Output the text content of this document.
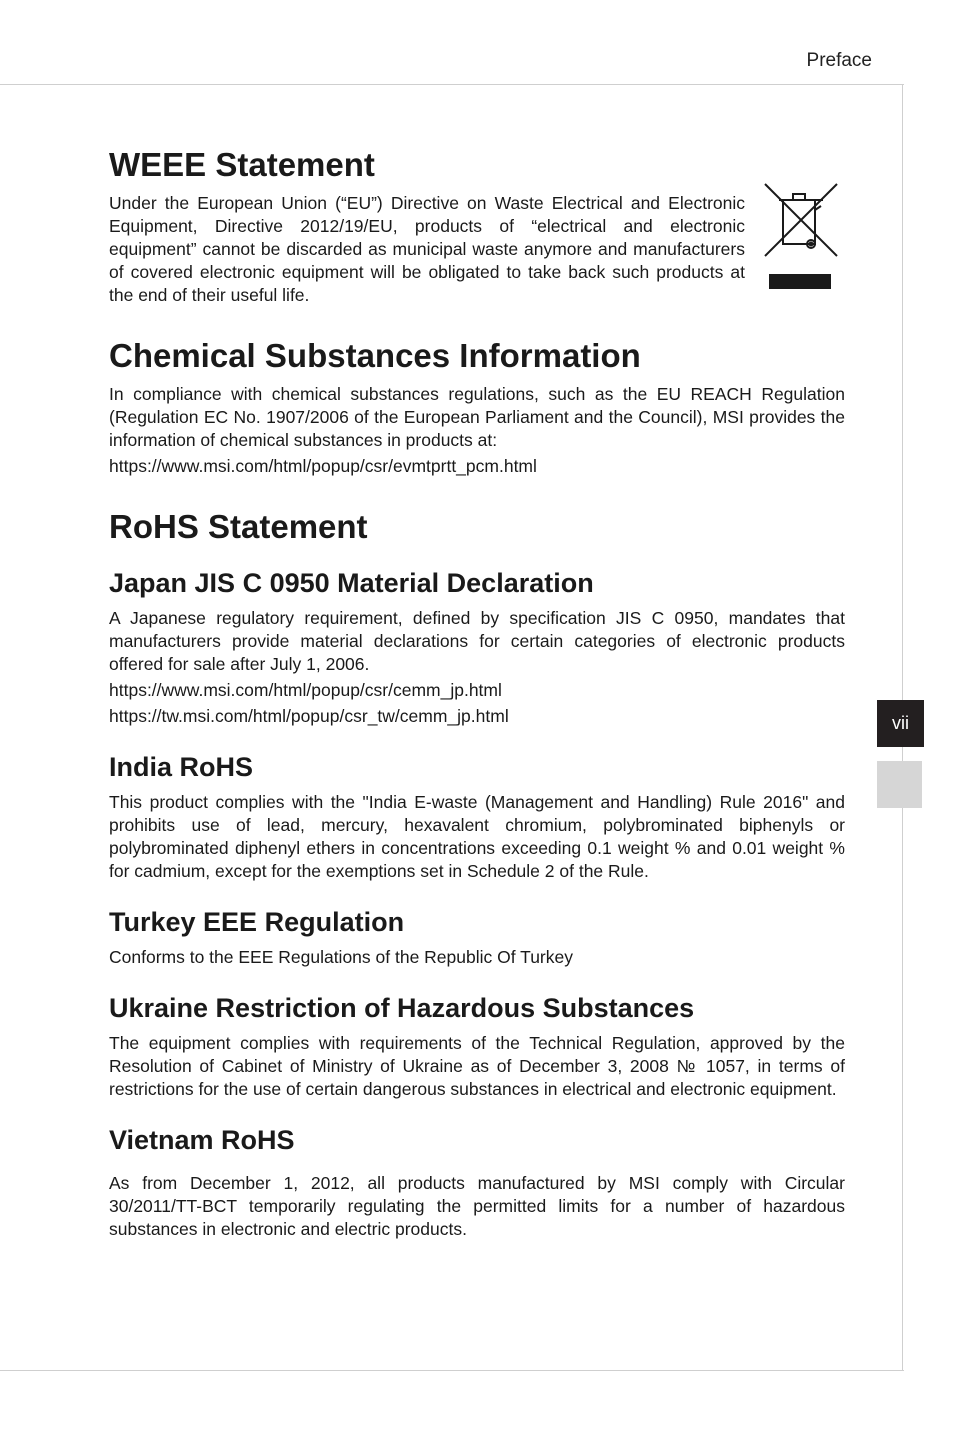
Preface
vii
WEEE Statement

Under the European Union (“EU”) Directive on Waste Electrical and Electronic Equipment, Directive 2012/19/EU, products of “electrical and electronic equipment” cannot be discarded as municipal waste anymore and manufacturers of covered electronic equipment will be obligated to take back such products at the end of their useful life.

Chemical Substances Information

In compliance with chemical substances regulations, such as the EU REACH Regulation (Regulation EC No. 1907/2006 of the European Parliament and the Council), MSI provides the information of chemical substances in products at:

https://www.msi.com/html/popup/csr/evmtprtt_pcm.html

RoHS Statement
Japan JIS C 0950 Material Declaration

A Japanese regulatory requirement, defined by specification JIS C 0950, mandates that manufacturers provide material declarations for certain categories of electronic products offered for sale after July 1, 2006.

https://www.msi.com/html/popup/csr/cemm_jp.html

https://tw.msi.com/html/popup/csr_tw/cemm_jp.html

India RoHS

This product complies with the "India E-waste (Management and Handling) Rule 2016" and prohibits use of lead, mercury, hexavalent chromium, polybrominated biphenyls or polybrominated diphenyl ethers in concentrations exceeding 0.1 weight % and 0.01 weight % for cadmium, except for the exemptions set in Schedule 2 of the Rule.

Turkey EEE Regulation

Conforms to the EEE Regulations of the Republic Of Turkey

Ukraine Restriction of Hazardous Substances

The equipment complies with requirements of the Technical Regulation, approved by the Resolution of Cabinet of Ministry of Ukraine as of December 3, 2008 № 1057, in terms of restrictions for the use of certain dangerous substances in electrical and electronic equipment.

Vietnam RoHS

As from December 1, 2012, all products manufactured by MSI comply with Circular 30/2011/TT-BCT temporarily regulating the permitted limits for a number of hazardous substances in electronic and electric products.
